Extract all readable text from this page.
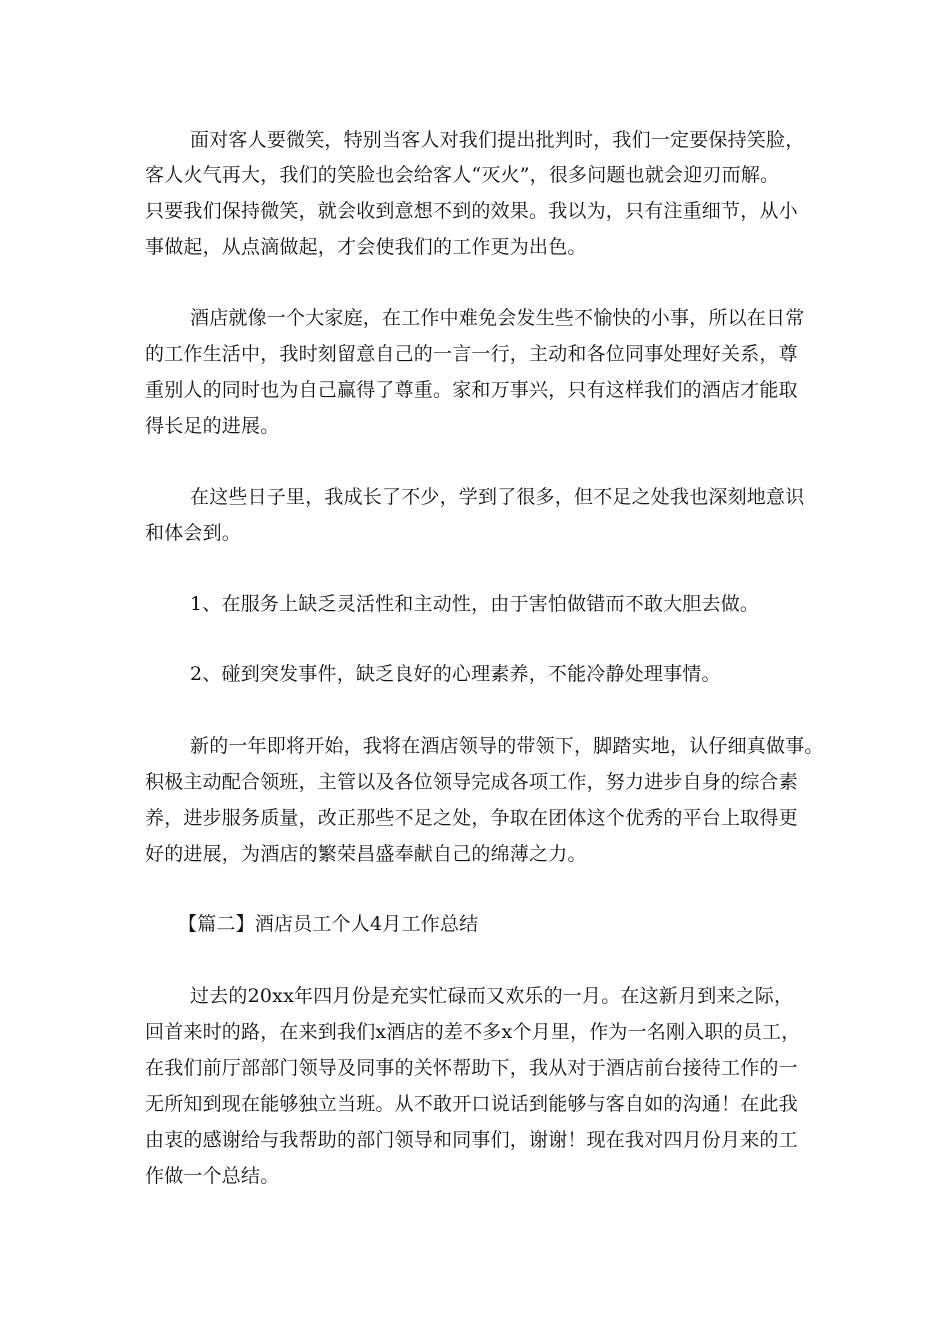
面对客人要微笑，特别当客人对我们提出批判时，我们一定要保持笑脸，
客人火气再大，我们的笑脸也会给客人“灭火”，很多问题也就会迎刃而解。
只要我们保持微笑，就会收到意想不到的效果。我以为，只有注重细节，从小
事做起，从点滴做起，才会使我们的工作更为出色。
酒店就像一个大家庭，在工作中难免会发生些不愉快的小事，所以在日常
的工作生活中，我时刻留意自己的一言一行，主动和各位同事处理好关系，尊
重别人的同时也为自己赢得了尊重。家和万事兴，只有这样我们的酒店才能取
得长足的进展。
在这些日子里，我成长了不少，学到了很多，但不足之处我也深刻地意识
和体会到。
1、在服务上缺乏灵活性和主动性，由于害怕做错而不敢大胆去做。
2、碰到突发事件，缺乏良好的心理素养，不能冷静处理事情。
新的一年即将开始，我将在酒店领导的带领下，脚踏实地，认仔细真做事。
积极主动配合领班，主管以及各位领导完成各项工作，努力进步自身的综合素
养，进步服务质量，改正那些不足之处，争取在团体这个优秀的平台上取得更
好的进展，为酒店的繁荣昌盛奉献自己的绵薄之力。
【篇二】酒店员工个人4月工作总结
过去的20xx年四月份是充实忙碌而又欢乐的一月。在这新月到来之际，
回首来时的路，在来到我们x酒店的差不多x个月里，作为一名刚入职的员工，
在我们前厅部部门领导及同事的关怀帮助下，我从对于酒店前台接待工作的一
无所知到现在能够独立当班。从不敢开口说话到能够与客自如的沟通！在此我
由衷的感谢给与我帮助的部门领导和同事们，谢谢！现在我对四月份月来的工
作做一个总结。
